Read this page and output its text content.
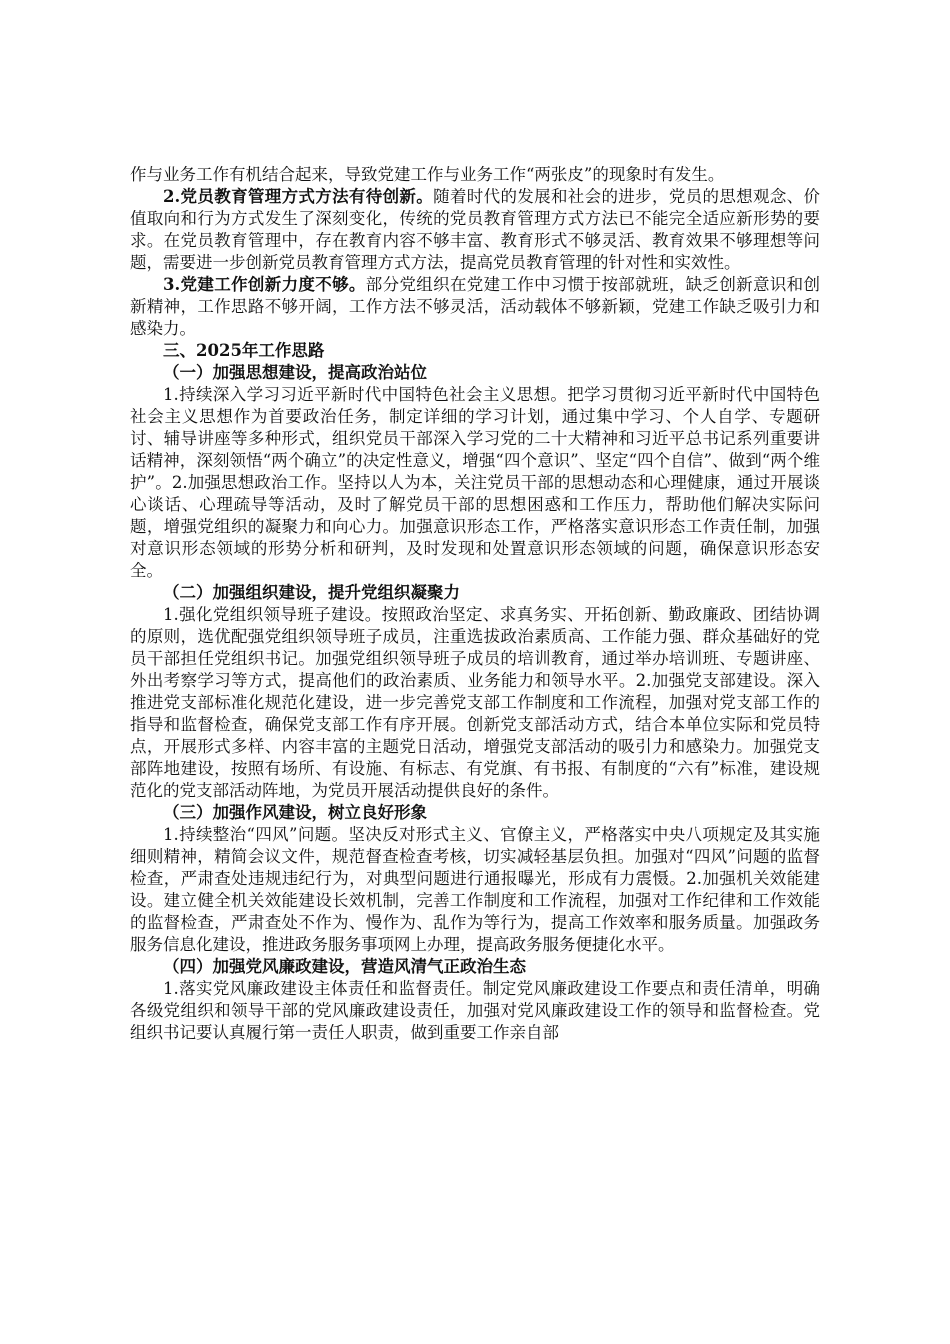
作与业务工作有机结合起来，导致党建工作与业务工作“两张皮”的现象时有发生。

2.党员教育管理方式方法有待创新。随着时代的发展和社会的进步，党员的思想观念、价值取向和行为方式发生了深刻变化，传统的党员教育管理方式方法已不能完全适应新形势的要求。在党员教育管理中，存在教育内容不够丰富、教育形式不够灵活、教育效果不够理想等问题，需要进一步创新党员教育管理方式方法，提高党员教育管理的针对性和实效性。

3.党建工作创新力度不够。部分党组织在党建工作中习惯于按部就班，缺乏创新意识和创新精神，工作思路不够开阔，工作方法不够灵活，活动载体不够新颖，党建工作缺乏吸引力和感染力。

三、2025年工作思路

（一）加强思想建设，提高政治站位

1.持续深入学习习近平新时代中国特色社会主义思想。把学习贯彻习近平新时代中国特色社会主义思想作为首要政治任务，制定详细的学习计划，通过集中学习、个人自学、专题研讨、辅导讲座等多种形式，组织党员干部深入学习党的二十大精神和习近平总书记系列重要讲话精神，深刻领悟“两个确立”的决定性意义，增强“四个意识”、坚定“四个自信”、做到“两个维护”。2.加强思想政治工作。坚持以人为本，关注党员干部的思想动态和心理健康，通过开展谈心谈话、心理疏导等活动，及时了解党员干部的思想困惑和工作压力，帮助他们解决实际问题，增强党组织的凝聚力和向心力。加强意识形态工作，严格落实意识形态工作责任制，加强对意识形态领域的形势分析和研判，及时发现和处置意识形态领域的问题，确保意识形态安全。

（二）加强组织建设，提升党组织凝聚力

1.强化党组织领导班子建设。按照政治坚定、求真务实、开拓创新、勤政廉政、团结协调的原则，选优配强党组织领导班子成员，注重选拔政治素质高、工作能力强、群众基础好的党员干部担任党组织书记。加强党组织领导班子成员的培训教育，通过举办培训班、专题讲座、外出考察学习等方式，提高他们的政治素质、业务能力和领导水平。2.加强党支部建设。深入推进党支部标准化规范化建设，进一步完善党支部工作制度和工作流程，加强对党支部工作的指导和监督检查，确保党支部工作有序开展。创新党支部活动方式，结合本单位实际和党员特点，开展形式多样、内容丰富的主题党日活动，增强党支部活动的吸引力和感染力。加强党支部阵地建设，按照有场所、有设施、有标志、有党旗、有书报、有制度的“六有”标准，建设规范化的党支部活动阵地，为党员开展活动提供良好的条件。

（三）加强作风建设，树立良好形象

1.持续整治“四风”问题。坚决反对形式主义、官僚主义，严格落实中央八项规定及其实施细则精神，精简会议文件，规范督查检查考核，切实减轻基层负担。加强对“四风”问题的监督检查，严肃查处违规违纪行为，对典型问题进行通报曝光，形成有力震慑。2.加强机关效能建设。建立健全机关效能建设长效机制，完善工作制度和工作流程，加强对工作纪律和工作效能的监督检查，严肃查处不作为、慢作为、乱作为等行为，提高工作效率和服务质量。加强政务服务信息化建设，推进政务服务事项网上办理，提高政务服务便捷化水平。

（四）加强党风廉政建设，营造风清气正政治生态

1.落实党风廉政建设主体责任和监督责任。制定党风廉政建设工作要点和责任清单，明确各级党组织和领导干部的党风廉政建设责任，加强对党风廉政建设工作的领导和监督检查。党组织书记要认真履行第一责任人职责，做到重要工作亲自部
